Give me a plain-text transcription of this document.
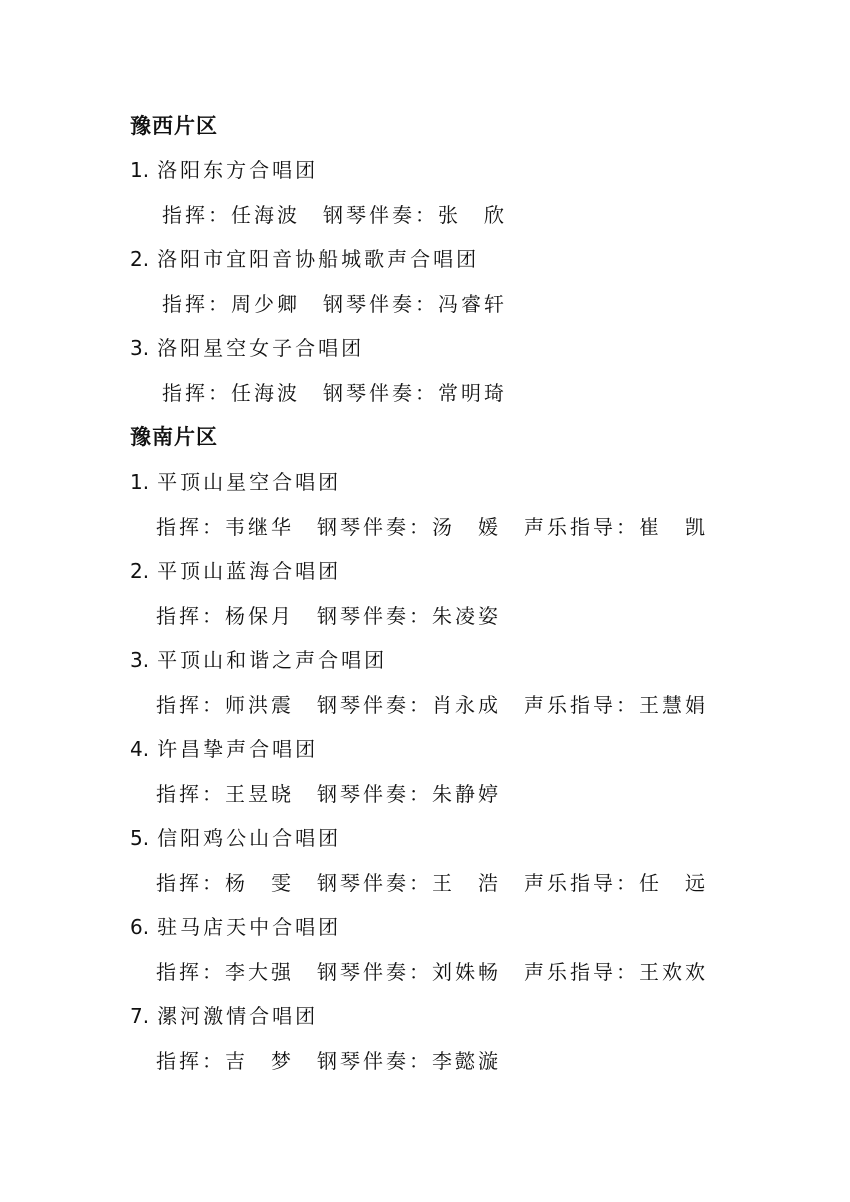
豫西片区
1. 洛阳东方合唱团
指挥：任海波　钢琴伴奏：张　欣
2. 洛阳市宜阳音协船城歌声合唱团
指挥：周少卿　钢琴伴奏：冯睿轩
3. 洛阳星空女子合唱团
指挥：任海波　钢琴伴奏：常明琦
豫南片区
1. 平顶山星空合唱团
指挥：韦继华　钢琴伴奏：汤　媛　声乐指导：崔　凯
2. 平顶山蓝海合唱团
指挥：杨保月　钢琴伴奏：朱凌姿
3. 平顶山和谐之声合唱团
指挥：师洪震　钢琴伴奏：肖永成　声乐指导：王慧娟
4. 许昌挚声合唱团
指挥：王昱晓　钢琴伴奏：朱静婷
5. 信阳鸡公山合唱团
指挥：杨　雯　钢琴伴奏：王　浩　声乐指导：任　远
6. 驻马店天中合唱团
指挥：李大强　钢琴伴奏：刘姝畅　声乐指导：王欢欢
7. 漯河激情合唱团
指挥：吉　梦　钢琴伴奏：李懿漩
